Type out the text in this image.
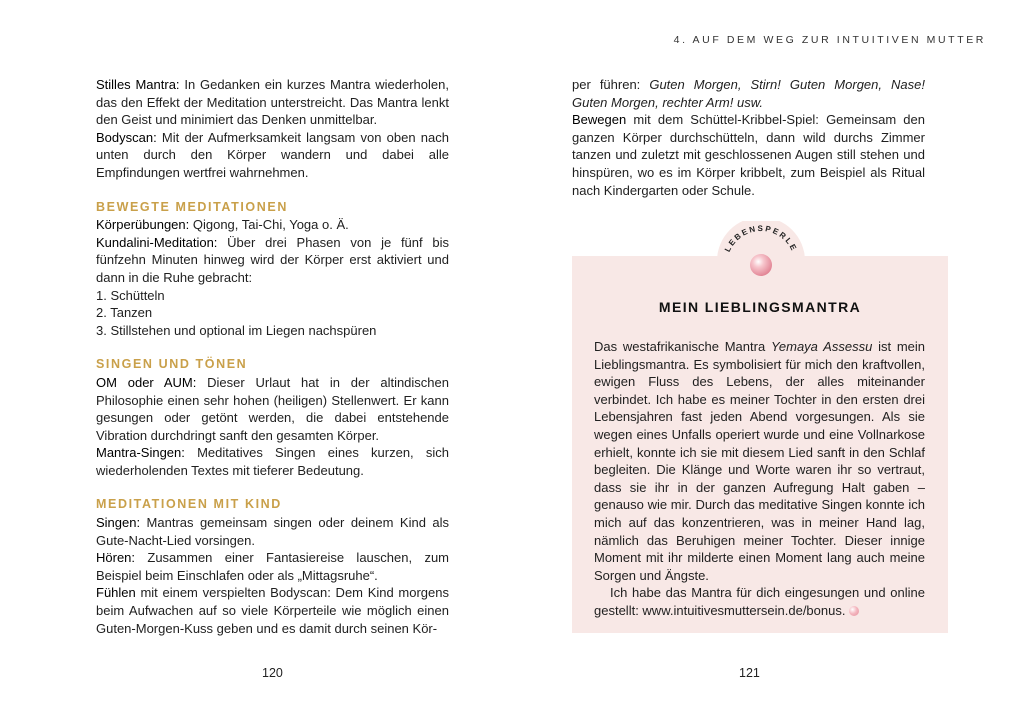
4. AUF DEM WEG ZUR INTUITIVEN MUTTER

Stilles Mantra: In Gedanken ein kurzes Mantra wiederholen, das den Effekt der Meditation unterstreicht. Das Mantra lenkt den Geist und minimiert das Denken unmittelbar.

Bodyscan: Mit der Aufmerksamkeit langsam von oben nach unten durch den Körper wandern und dabei alle Empfindungen wertfrei wahrnehmen.

BEWEGTE MEDITATIONEN

Körperübungen: Qigong, Tai-Chi, Yoga o. Ä.

Kundalini-Meditation: Über drei Phasen von je fünf bis fünfzehn Minuten hinweg wird der Körper erst aktiviert und dann in die Ruhe gebracht:

1. Schütteln

2. Tanzen

3. Stillstehen und optional im Liegen nachspüren

SINGEN UND TÖNEN

OM oder AUM: Dieser Urlaut hat in der altindischen Philosophie einen sehr hohen (heiligen) Stellenwert. Er kann gesungen oder getönt werden, die dabei entstehende Vibration durchdringt sanft den gesamten Körper.

Mantra-Singen: Meditatives Singen eines kurzen, sich wiederholenden Textes mit tieferer Bedeutung.

MEDITATIONEN MIT KIND

Singen: Mantras gemeinsam singen oder deinem Kind als Gute-Nacht-Lied vorsingen.

Hören: Zusammen einer Fantasiereise lauschen, zum Beispiel beim Einschlafen oder als „Mittagsruhe“.

Fühlen mit einem verspielten Bodyscan: Dem Kind morgens beim Aufwachen auf so viele Körperteile wie möglich einen Guten-Morgen-Kuss geben und es damit durch seinen Kör-

120

per führen: Guten Morgen, Stirn! Guten Morgen, Nase! Guten Morgen, rechter Arm! usw.

Bewegen mit dem Schüttel-Kribbel-Spiel: Gemeinsam den ganzen Körper durchschütteln, dann wild durchs Zimmer tanzen und zuletzt mit geschlossenen Augen still stehen und hinspüren, wo es im Körper kribbelt, zum Beispiel als Ritual nach Kindergarten oder Schule.

LEBENSPERLE
MEIN LIEBLINGSMANTRA

Das westafrikanische Mantra Yemaya Assessu ist mein Lieblingsmantra. Es symbolisiert für mich den kraftvollen, ewigen Fluss des Lebens, der alles miteinander verbindet. Ich habe es meiner Tochter in den ersten drei Lebensjahren fast jeden Abend vorgesungen. Als sie wegen eines Unfalls operiert wurde und eine Vollnarkose erhielt, konnte ich sie mit diesem Lied sanft in den Schlaf begleiten. Die Klänge und Worte waren ihr so vertraut, dass sie ihr in der ganzen Aufregung Halt gaben – genauso wie mir. Durch das meditative Singen konnte ich mich auf das konzentrieren, was in meiner Hand lag, nämlich das Beruhigen meiner Tochter. Dieser innige Moment mit ihr milderte einen Moment lang auch meine Sorgen und Ängste.

Ich habe das Mantra für dich eingesungen und online gestellt: www.intuitivesmuttersein.de/bonus.

121
